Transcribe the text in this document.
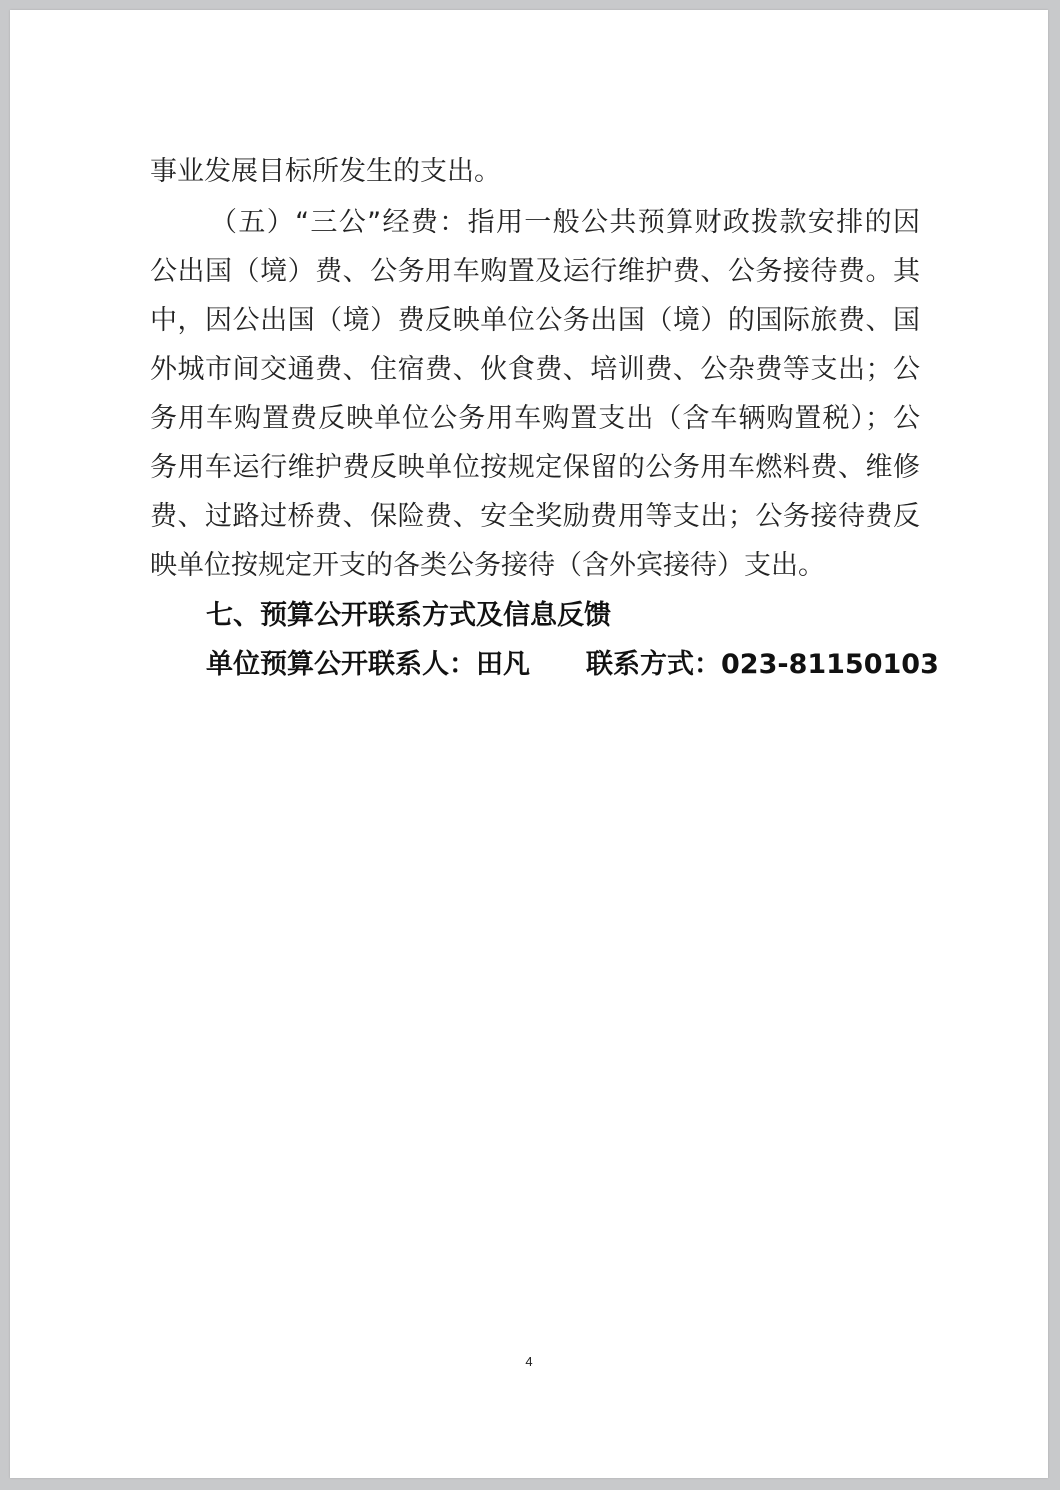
事业发展目标所发生的支出。
（五）“三公”经费：指用一般公共预算财政拨款安排的因
公出国（境）费、公务用车购置及运行维护费、公务接待费。其
中，因公出国（境）费反映单位公务出国（境）的国际旅费、国
外城市间交通费、住宿费、伙食费、培训费、公杂费等支出；公
务用车购置费反映单位公务用车购置支出（含车辆购置税）；公
务用车运行维护费反映单位按规定保留的公务用车燃料费、维修
费、过路过桥费、保险费、安全奖励费用等支出；公务接待费反
映单位按规定开支的各类公务接待（含外宾接待）支出。
七、预算公开联系方式及信息反馈
单位预算公开联系人：田凡 联系方式：023-81150103
4
